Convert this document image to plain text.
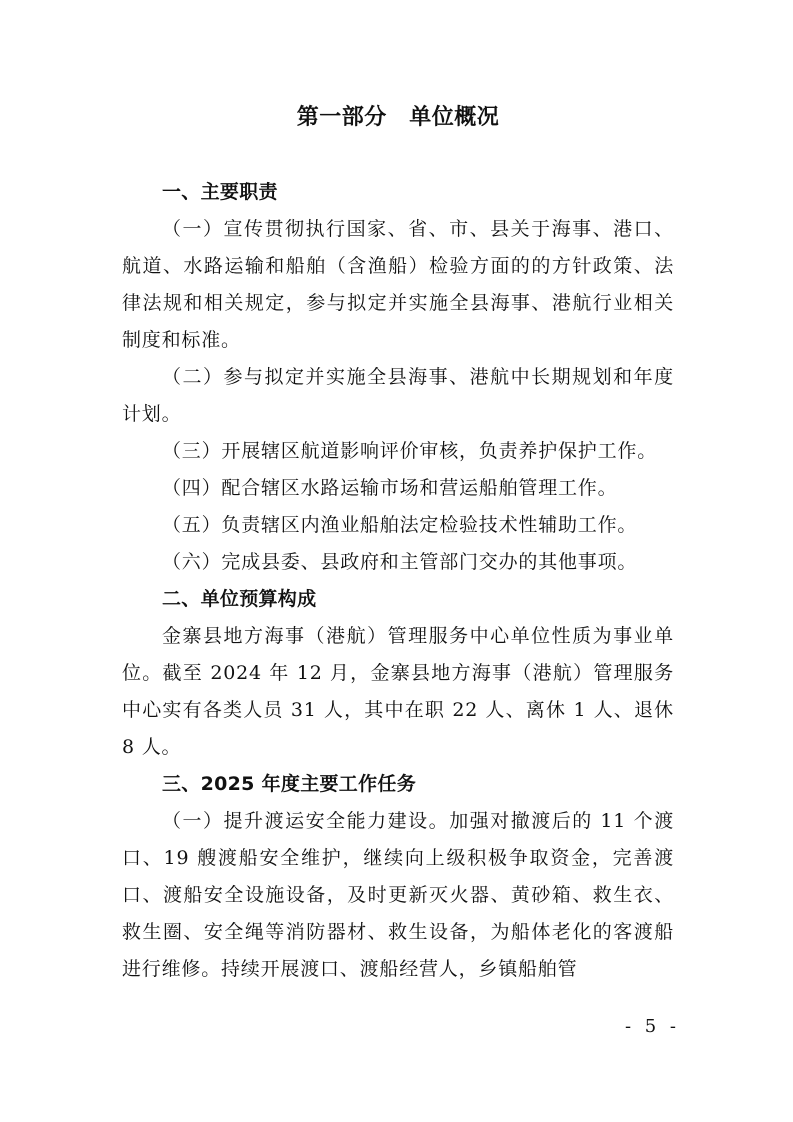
第一部分　单位概况
一、主要职责

（一）宣传贯彻执行国家、省、市、县关于海事、港口、航道、水路运输和船舶（含渔船）检验方面的的方针政策、法律法规和相关规定，参与拟定并实施全县海事、港航行业相关制度和标准。

（二）参与拟定并实施全县海事、港航中长期规划和年度计划。

（三）开展辖区航道影响评价审核，负责养护保护工作。

（四）配合辖区水路运输市场和营运船舶管理工作。

（五）负责辖区内渔业船舶法定检验技术性辅助工作。

（六）完成县委、县政府和主管部门交办的其他事项。

二、单位预算构成

金寨县地方海事（港航）管理服务中心单位性质为事业单位。截至 2024 年 12 月，金寨县地方海事（港航）管理服务中心实有各类人员 31 人，其中在职 22 人、离休 1 人、退休 8 人。

三、2025 年度主要工作任务

（一）提升渡运安全能力建设。加强对撤渡后的 11 个渡口、19 艘渡船安全维护，继续向上级积极争取资金，完善渡口、渡船安全设施设备，及时更新灭火器、黄砂箱、救生衣、救生圈、安全绳等消防器材、救生设备，为船体老化的客渡船进行维修。持续开展渡口、渡船经营人，乡镇船舶管

- 5 -
